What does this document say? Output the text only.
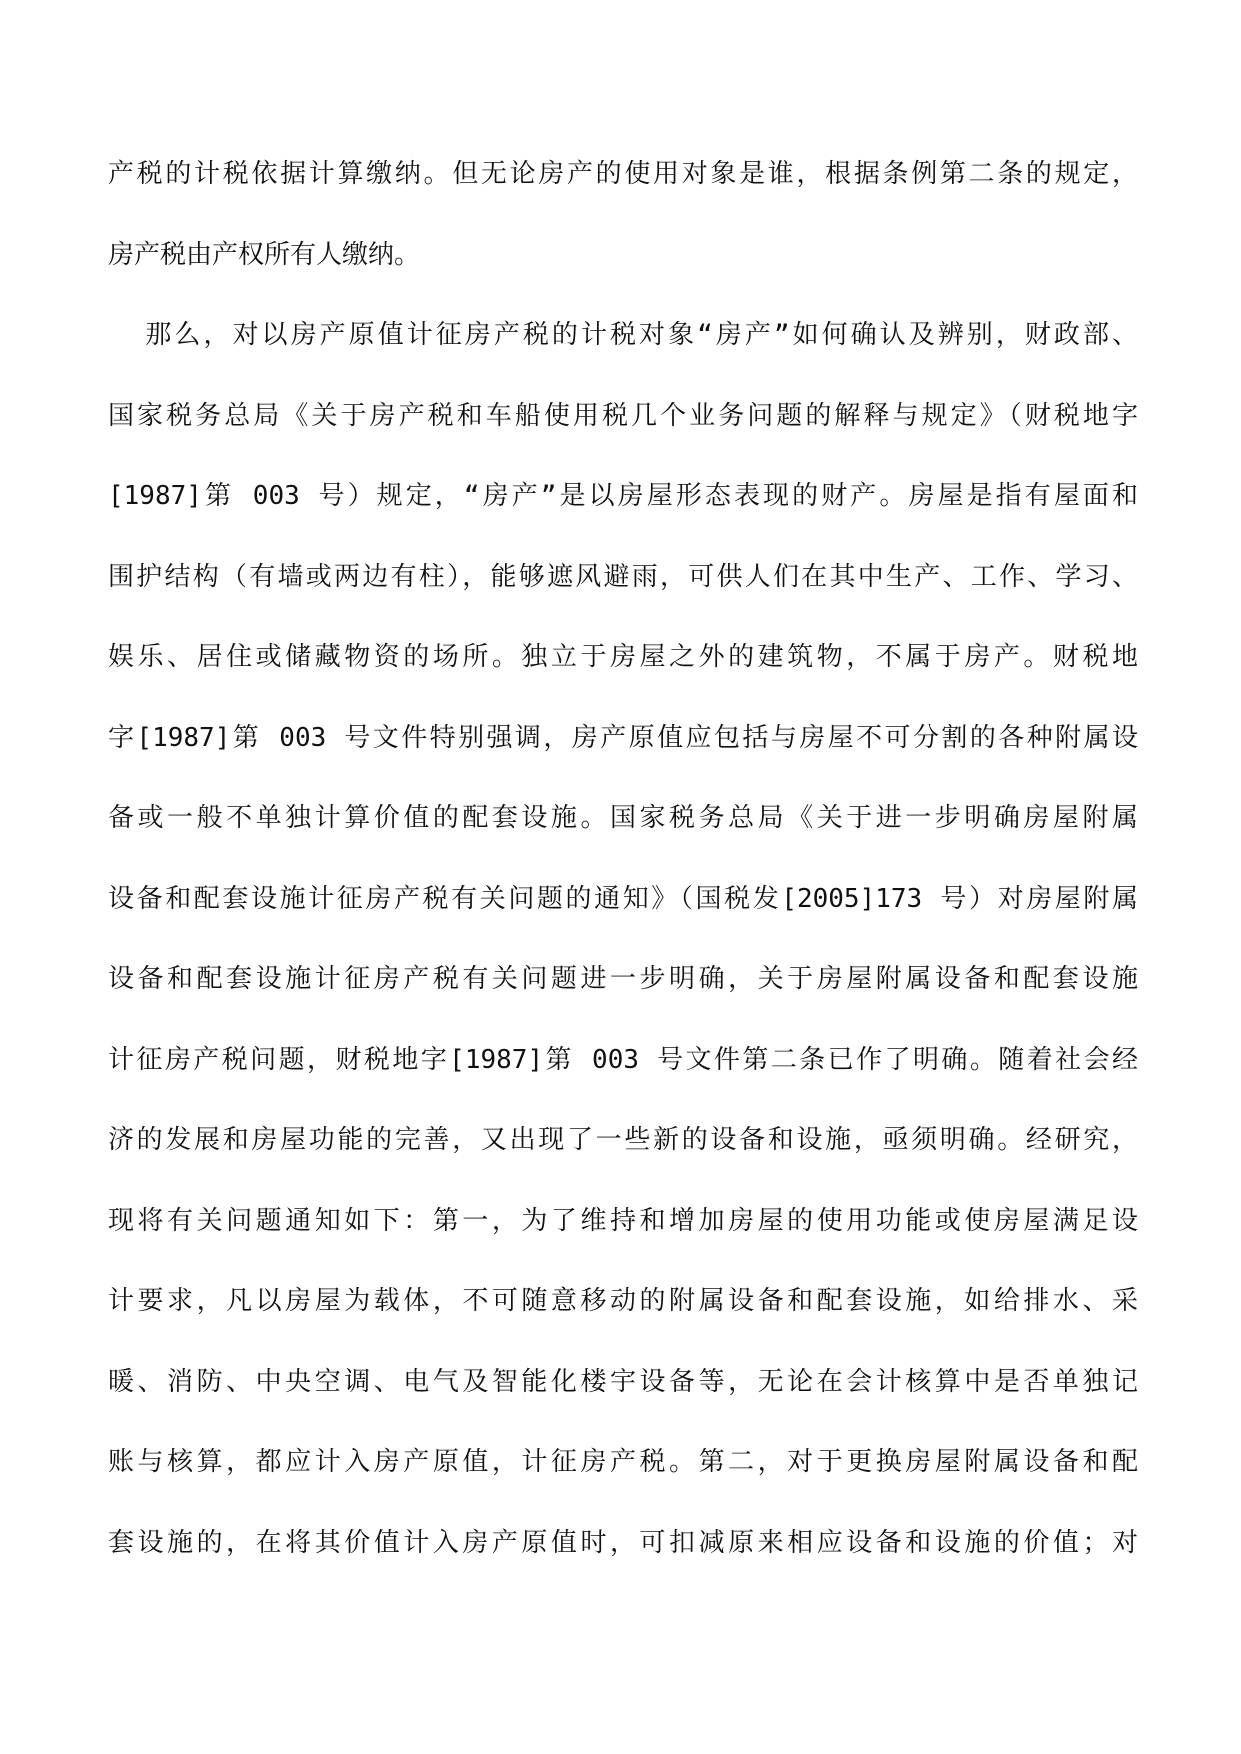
产税的计税依据计算缴纳。但无论房产的使用对象是谁，根据条例第二条的规定，
房产税由产权所有人缴纳。
那么，对以房产原值计征房产税的计税对象“房产”如何确认及辨别，财政部、
国家税务总局《关于房产税和车船使用税几个业务问题的解释与规定》（财税地字
[1987]第 003 号）规定，“房产”是以房屋形态表现的财产。房屋是指有屋面和
围护结构（有墙或两边有柱），能够遮风避雨，可供人们在其中生产、工作、学习、
娱乐、居住或储藏物资的场所。独立于房屋之外的建筑物，不属于房产。财税地
字[1987]第 003 号文件特别强调，房产原值应包括与房屋不可分割的各种附属设
备或一般不单独计算价值的配套设施。国家税务总局《关于进一步明确房屋附属
设备和配套设施计征房产税有关问题的通知》（国税发[2005]173 号）对房屋附属
设备和配套设施计征房产税有关问题进一步明确，关于房屋附属设备和配套设施
计征房产税问题，财税地字[1987]第 003 号文件第二条已作了明确。随着社会经
济的发展和房屋功能的完善，又出现了一些新的设备和设施，亟须明确。经研究，
现将有关问题通知如下：第一，为了维持和增加房屋的使用功能或使房屋满足设
计要求，凡以房屋为载体，不可随意移动的附属设备和配套设施，如给排水、采
暖、消防、中央空调、电气及智能化楼宇设备等，无论在会计核算中是否单独记
账与核算，都应计入房产原值，计征房产税。第二，对于更换房屋附属设备和配
套设施的，在将其价值计入房产原值时，可扣减原来相应设备和设施的价值；对
